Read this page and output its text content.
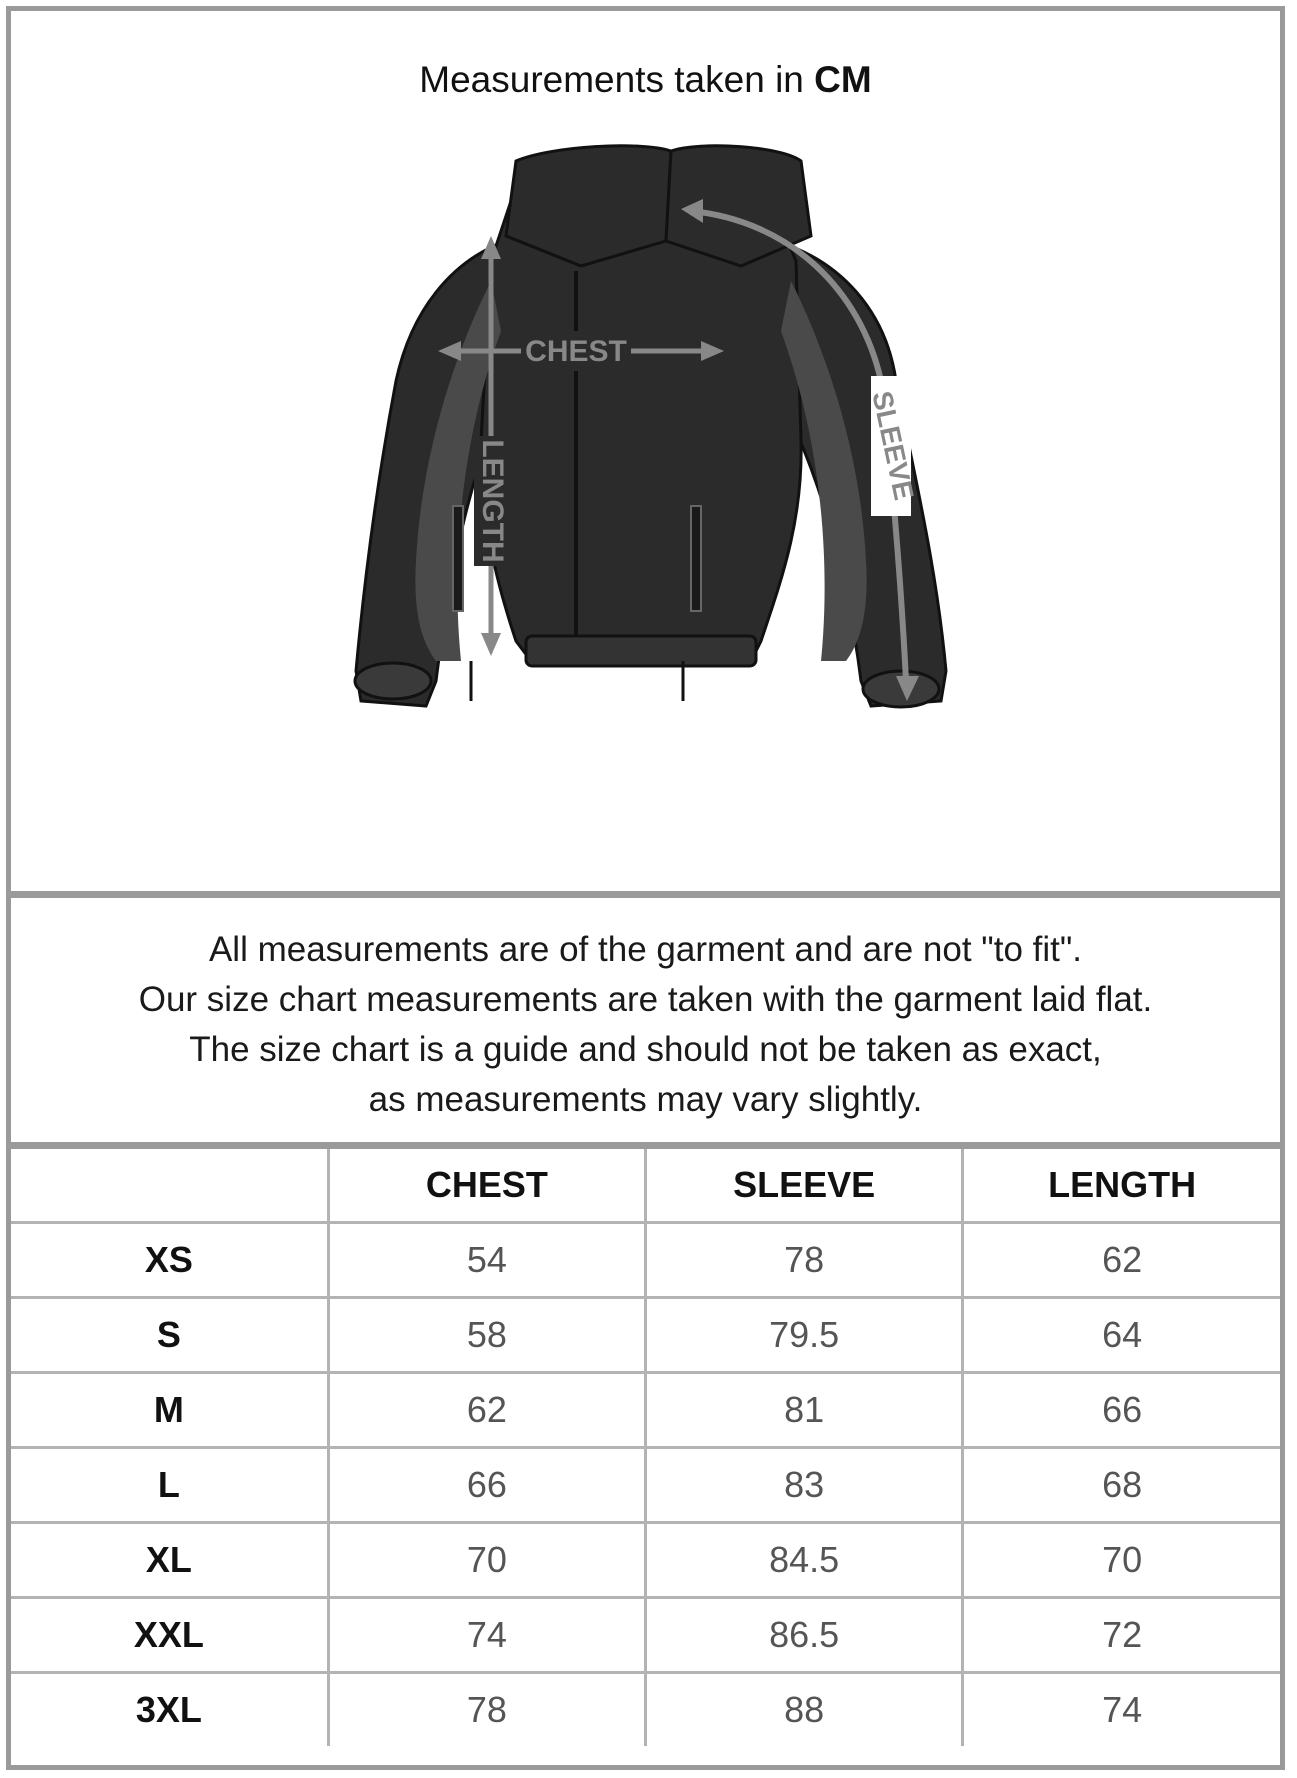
Measurements taken in CM
LENGTH
CHEST
SLEEVE

All measurements are of the garment and are not "to fit".

Our size chart measurements are taken with the garment laid flat.

The size chart is a guide and should not be taken as exact,

as measurements may vary slightly.

	CHEST	SLEEVE	LENGTH
XS	54	78	62
S	58	79.5	64
M	62	81	66
L	66	83	68
XL	70	84.5	70
XXL	74	86.5	72
3XL	78	88	74
